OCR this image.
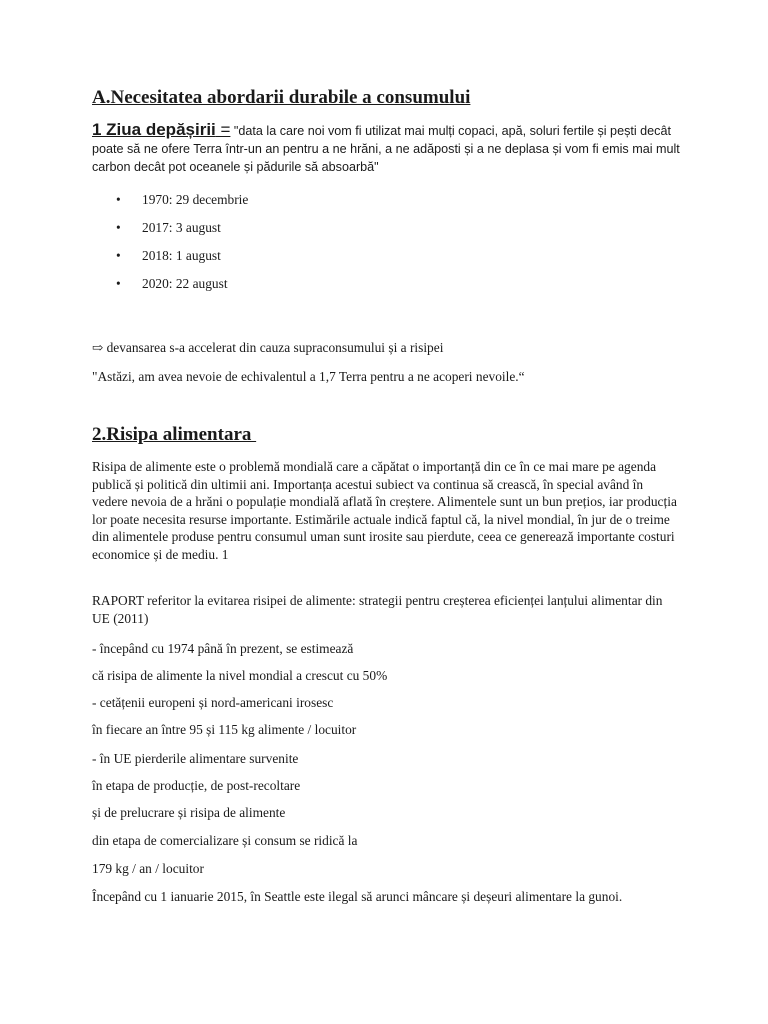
A.Necesitatea abordarii durabile a consumului
1 Ziua depășirii = "data la care noi vom fi utilizat mai mulți copaci, apă, soluri fertile și pești decât poate să ne ofere Terra într-un an pentru a ne hrăni, a ne adăposti și a ne deplasa și vom fi emis mai mult carbon decât pot oceanele și pădurile să absoarbă"
• 1970: 29 decembrie
• 2017: 3 august
• 2018: 1 august
• 2020: 22 august
⇨ devansarea s-a accelerat din cauza supraconsumului și a risipei
"Astăzi, am avea nevoie de echivalentul a 1,7 Terra pentru a ne acoperi nevoile.“
2.Risipa alimentara
Risipa de alimente este o problemă mondială care a căpătat o importanță din ce în ce mai mare pe agenda publică și politică din ultimii ani. Importanța acestui subiect va continua să crească, în special având în vedere nevoia de a hrăni o populație mondială aflată în creștere. Alimentele sunt un bun prețios, iar producția lor poate necesita resurse importante. Estimările actuale indică faptul că, la nivel mondial, în jur de o treime din alimentele produse pentru consumul uman sunt irosite sau pierdute, ceea ce generează importante costuri economice și de mediu. 1
RAPORT referitor la evitarea risipei de alimente: strategii pentru creșterea eficienței lanțului alimentar din UE (2011)
- începând cu 1974 până în prezent, se estimează
că risipa de alimente la nivel mondial a crescut cu 50%
- cetățenii europeni și nord-americani irosesc
în fiecare an între 95 și 115 kg alimente / locuitor
- în UE pierderile alimentare survenite
în etapa de producție, de post-recoltare
și de prelucrare și risipa de alimente
din etapa de comercializare și consum se ridică la
179 kg / an / locuitor
Începând cu 1 ianuarie 2015, în Seattle este ilegal să arunci mâncare și deșeuri alimentare la gunoi.
